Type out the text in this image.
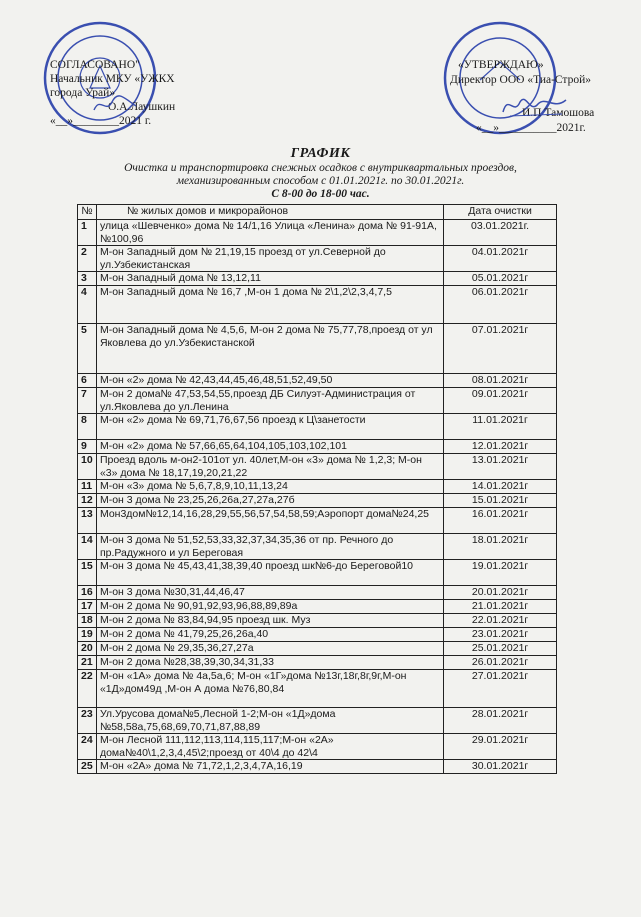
СОГЛАСОВАНО"
Начальник МКУ «УЖКХ
города Урай»
О.А.Лаушкин
«__»________2021 г.
«УТВЕРЖДАЮ»
Директор ООО «Тиа-Строй»
И.П Тамошова
«__»__________2021г.
ГРАФИК
Очистка и транспортировка снежных осадков с внутриквартальных проездов,
механизированным способом с 01.01.2021г. по 30.01.2021г.
С 8-00 до 18-00 час.
№	№ жилых домов и микрорайонов	Дата очистки
1	улица «Шевченко» дома № 14/1,16 Улица «Ленина» дома № 91-91А,№100,96	03.01.2021г.
2	М-он Западный дом № 21,19,15 проезд от ул.Северной до ул.Узбекистанская	04.01.2021г
3	М-он Западный дома № 13,12,11	05.01.2021г
4	М-он Западный дома № 16,7 ,М-он 1 дома № 2\1,2\2,3,4,7,5	06.01.2021г
5	М-он Западный дома № 4,5,6, М-он 2 дома № 75,77,78,проезд от ул Яковлева до ул.Узбекистанской	07.01.2021г
6	М-он «2» дома № 42,43,44,45,46,48,51,52,49,50	08.01.2021г
7	М-он 2 дома№ 47,53,54,55,проезд ДБ Силуэт-Администрация от ул.Яковлева до ул.Ленина	09.01.2021г
8	М-он «2» дома № 69,71,76,67,56 проезд к Ц\занетости	11.01.2021г
9	М-он «2» дома № 57,66,65,64,104,105,103,102,101	12.01.2021г
10	Проезд вдоль м-он2-101от ул. 40лет,М-он «3» дома № 1,2,3; М-он «3» дома № 18,17,19,20,21,22	13.01.2021г
11	М-он «3» дома № 5,6,7,8,9,10,11,13,24	14.01.2021г
12	М-он 3 дома № 23,25,26,26а,27,27а,27б	15.01.2021г
13	Мон3дом№12,14,16,28,29,55,56,57,54,58,59;Аэропорт дома№24,25	16.01.2021г
14	М-он 3 дома № 51,52,53,33,32,37,34,35,36 от пр. Речного до пр.Радужного и ул Береговая	18.01.2021г
15	М-он 3 дома № 45,43,41,38,39,40 проезд шк№6-до Береговой10	19.01.2021г
16	М-он 3 дома №30,31,44,46,47	20.01.2021г
17	М-он 2 дома № 90,91,92,93,96,88,89,89а	21.01.2021г
18	М-он 2 дома № 83,84,94,95 проезд шк. Муз	22.01.2021г
19	М-он 2 дома № 41,79,25,26,26а,40	23.01.2021г
20	М-он 2 дома № 29,35,36,27,27а	25.01.2021г
21	М-он 2 дома №28,38,39,30,34,31,33	26.01.2021г
22	М-он «1А» дома № 4а,5а,6; М-он «1Г»дома №13г,18г,8г,9г,М-он «1Д»дом49д ,М-он А дома №76,80,84	27.01.2021г
23	Ул.Урусова дома№5,Лесной 1-2;М-он «1Д»дома №58,58а,75,68,69,70,71,87,88,89	28.01.2021г
24	М-он Лесной 111,112,113,114,115,117;М-он «2А» дома№40\1,2,3,4,45\2;проезд от 40\4 до 42\4	29.01.2021г
25	М-он «2А» дома № 71,72,1,2,3,4,7А,16,19	30.01.2021г
